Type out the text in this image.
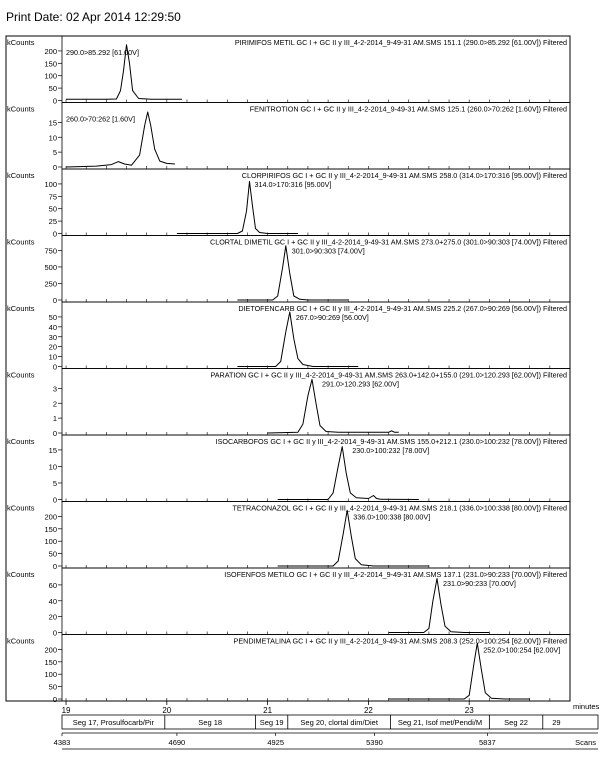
Print Date: 02 Apr 2014 12:29:50
kCounts
0
50
100
150
200
PIRIMIFOS METIL GC I + GC II y III_4-2-2014_9-49-31 AM.SMS 151.1 (290.0>85.292 [61.00V]) Filtered
290.0>85.292 [61.00V]
kCounts
0
5
10
15
FENITROTION GC I + GC II y III_4-2-2014_9-49-31 AM.SMS 125.1 (260.0>70:262 [1.60V]) Filtered
260.0>70:262 [1.60V]
kCounts
0
25
50
75
100
CLORPIRIFOS GC I + GC II y III_4-2-2014_9-49-31 AM.SMS 258.0 (314.0>170:316 [95.00V]) Filtered
314.0>170:316 [95.00V]
kCounts
0
250
500
750
CLORTAL DIMETIL GC I + GC II y III_4-2-2014_9-49-31 AM.SMS 273.0+275.0 (301.0>90:303 [74.00V]) Filtered
301.0>90:303 [74.00V]
kCounts
0
10
20
30
40
50
DIETOFENCARB GC I + GC II y III_4-2-2014_9-49-31 AM.SMS 225.2 (267.0>90:269 [56.00V]) Filtered
267.0>90:269 [56.00V]
kCounts
0
1
2
3
PARATION GC I + GC II y III_4-2-2014_9-49-31 AM.SMS 263.0+142.0+155.0 (291.0>120.293 [62.00V]) Filtered
291.0>120.293 [62.00V]
kCounts
0
5
10
15
ISOCARBOFOS GC I + GC II y III_4-2-2014_9-49-31 AM.SMS 155.0+212.1 (230.0>100:232 [78.00V]) Filtered
230.0>100:232 [78.00V]
kCounts
0
50
100
150
200
TETRACONAZOL GC I + GC II y III_4-2-2014_9-49-31 AM.SMS 218.1 (336.0>100:338 [80.00V]) Filtered
336.0>100:338 [80.00V]
kCounts
0
20
40
60
ISOFENFOS METILO GC I + GC II y III_4-2-2014_9-49-31 AM.SMS 137.1 (231.0>90:233 [70.00V]) Filtered
231.0>90:233 [70.00V]
kCounts
0
50
100
150
200
PENDIMETALINA GC I + GC II y III_4-2-2014_9-49-31 AM.SMS 208.3 (252.0>100:254 [62.00V]) Filtered
252.0>100:254 [62.00V]
19	20	21	22	23	minutes
Seg 17, Prosulfocarb/Pir	Seg 18	Seg 19 Seg 20, clortal dim/Diet	Seg 21, Isof met/Pendi/M	Seg 22	29
4383	4690	4925	5390	5837	Scans
